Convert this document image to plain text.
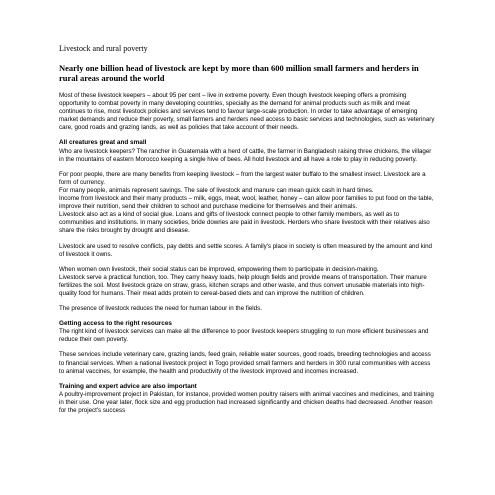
Livestock and rural poverty
Nearly one billion head of livestock are kept by more than 600 million small farmers and herders in rural areas around the world

Most of these livestock keepers – about 95 per cent – live in extreme poverty. Even though livestock keeping offers a promising opportunity to combat poverty in many developing countries, specially as the demand for animal products such as milk and meat continues to rise, most livestock policies and services tend to favour large-scale production. In order to take advantage of emerging market demands and reduce their poverty, small farmers and herders need access to basic services and technologies, such as veterinary care, good roads and grazing lands, as well as policies that take account of their needs.

All creatures great and small

Who are livestock keepers? The rancher in Guatemala with a herd of cattle, the farmer in Bangladesh raising three chickens, the villager in the mountains of eastern Morocco keeping a single hive of bees. All hold livestock and all have a role to play in reducing poverty.

For poor people, there are many benefits from keeping livestock – from the largest water buffalo to the smallest insect. Livestock are a form of currency.

For many people, animals represent savings. The sale of livestock and manure can mean quick cash in hard times.

Income from livestock and their many products – milk, eggs, meat, wool, leather, honey – can allow poor families to put food on the table, improve their nutrition, send their children to school and purchase medicine for themselves and their animals.

Livestock also act as a kind of social glue. Loans and gifts of livestock connect people to other family members, as well as to communities and institutions. In many societies, bride dowries are paid in livestock. Herders who share livestock with their relatives also share the risks brought by drought and disease.

Livestock are used to resolve conflicts, pay debts and settle scores. A family's place in society is often measured by the amount and kind of livestock it owns.

When women own livestock, their social status can be improved, empowering them to participate in decision-making.

Livestock serve a practical function, too. They carry heavy loads, help plough fields and provide means of transportation. Their manure fertilizes the soil. Most livestock graze on straw, grass, kitchen scraps and other waste, and thus convert unusable materials into high-quality food for humans. Their meat adds protein to cereal-based diets and can improve the nutrition of children.

The presence of livestock reduces the need for human labour in the fields.

Getting access to the right resources

The right kind of livestock services can make all the difference to poor livestock keepers struggling to run more efficient businesses and reduce their own poverty.

These services include veterinary care, grazing lands, feed grain, reliable water sources, good roads, breeding technologies and access to financial services. When a national livestock project in Togo provided small farmers and herders in 300 rural communities with access to animal vaccines, for example, the health and productivity of the livestock improved and incomes increased.

Training and expert advice are also important

A poultry-improvement project in Pakistan, for instance, provided women poultry raisers with animal vaccines and medicines, and training in their use. One year later, flock size and egg production had increased significantly and chicken deaths had decreased. Another reason for the project's success
